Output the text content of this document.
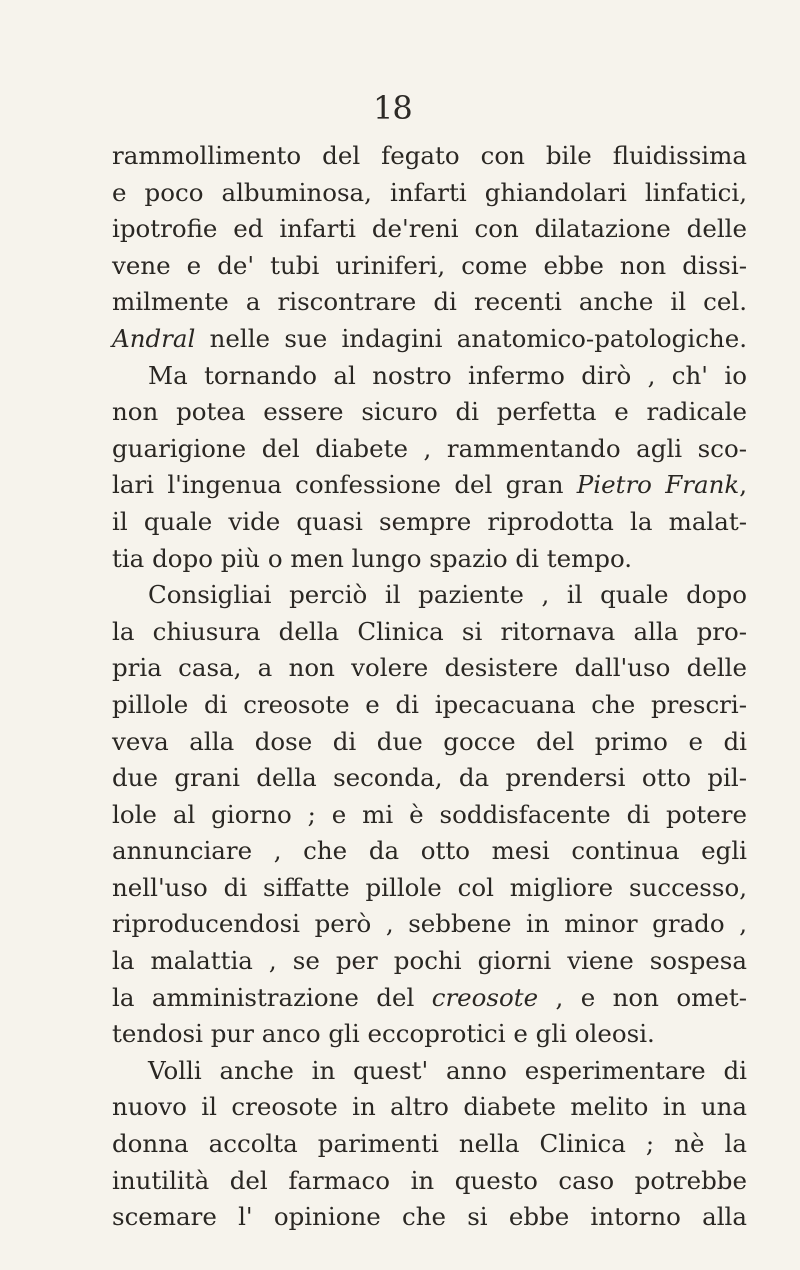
18
rammollimento del fegato con bile fluidissima
e poco albuminosa, infarti ghiandolari linfatici,
ipotrofie ed infarti de'reni con dilatazione delle
vene e de' tubi uriniferi, come ebbe non dissi-
milmente a riscontrare di recenti anche il cel.
Andral nelle sue indagini anatomico-patologiche.
Ma tornando al nostro infermo dirò , ch' io
non potea essere sicuro di perfetta e radicale
guarigione del diabete , rammentando agli sco-
lari l'ingenua confessione del gran Pietro Frank,
il quale vide quasi sempre riprodotta la malat-
tia dopo più o men lungo spazio di tempo.
Consigliai perciò il paziente , il quale dopo
la chiusura della Clinica si ritornava alla pro-
pria casa, a non volere desistere dall'uso delle
pillole di creosote e di ipecacuana che prescri-
veva alla dose di due gocce del primo e di
due grani della seconda, da prendersi otto pil-
lole al giorno ; e mi è soddisfacente di potere
annunciare , che da otto mesi continua egli
nell'uso di siffatte pillole col migliore successo,
riproducendosi però , sebbene in minor grado ,
la malattia , se per pochi giorni viene sospesa
la amministrazione del creosote , e non omet-
tendosi pur anco gli eccoprotici e gli oleosi.
Volli anche in quest' anno esperimentare di
nuovo il creosote in altro diabete melito in una
donna accolta parimenti nella Clinica ; nè la
inutilità del farmaco in questo caso potrebbe
scemare l' opinione che si ebbe intorno alla
